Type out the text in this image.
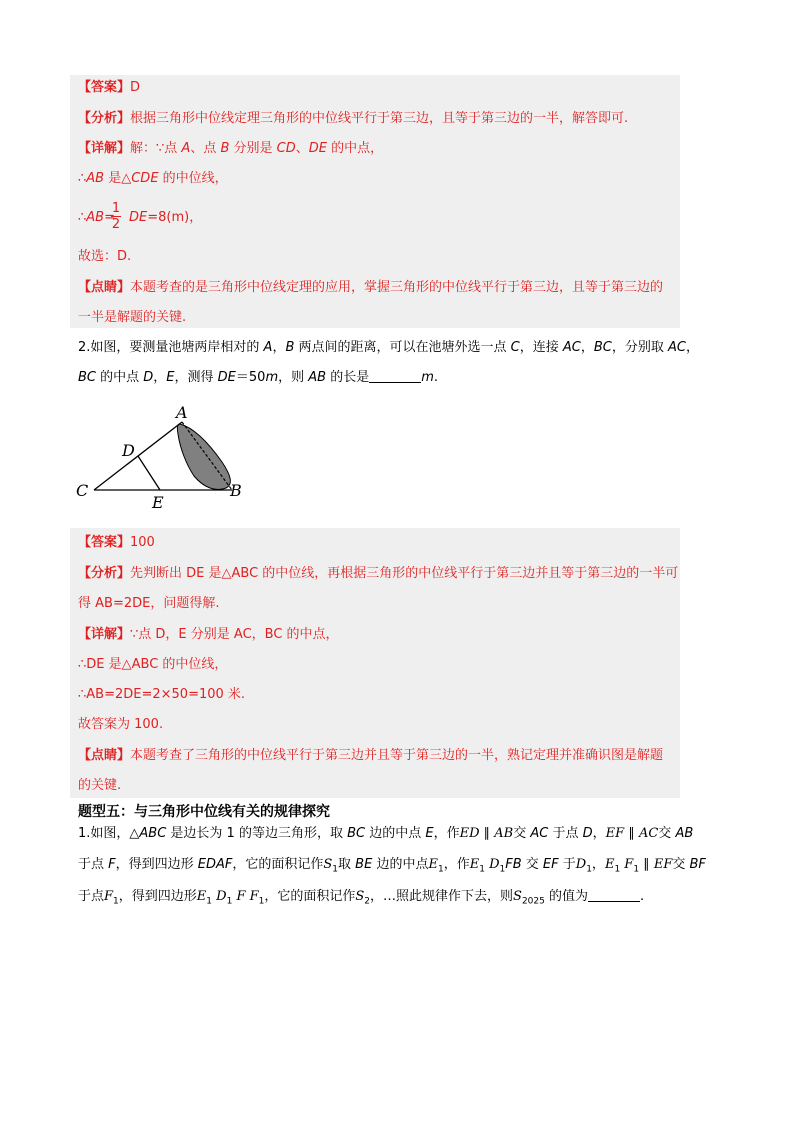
【答案】D
【分析】根据三角形中位线定理三角形的中位线平行于第三边，且等于第三边的一半，解答即可.
【详解】解：∵点 A、点 B 分别是 CD、DE 的中点，
∴AB 是△CDE 的中位线，
∴AB= DE=8(m)，
1
2
故选：D.
【点睛】本题考查的是三角形中位线定理的应用，掌握三角形的中位线平行于第三边，且等于第三边的
一半是解题的关键.
2.如图，要测量池塘两岸相对的 A，B 两点间的距离，可以在池塘外选一点 C，连接 AC，BC，分别取 AC，
BC 的中点 D，E，测得 DE＝50m，则 AB 的长是	m.
A
B
C
D
E
【答案】100
【分析】先判断出 DE 是△ABC 的中位线，再根据三角形的中位线平行于第三边并且等于第三边的一半可
得 AB=2DE，问题得解.
【详解】∵点 D，E 分别是 AC，BC 的中点，
∴DE 是△ABC 的中位线，
∴AB=2DE=2×50=100 米.
故答案为 100.
【点睛】本题考查了三角形的中位线平行于第三边并且等于第三边的一半，熟记定理并准确识图是解题
的关键.
题型五：与三角形中位线有关的规律探究
1.如图，△ABC 是边长为 1 的等边三角形，取 BC 边的中点 E，作ED ∥ AB交 AC 于点 D，EF ∥ AC交 AB
于点 F，得到四边形 EDAF，它的面积记作$S_1$取 BE 边的中点$E_1$，作$E_1$ $D_1FB$ 交 EF 于$D_1$，$E_1$ $F_1$ ∥ EF交 BF
于点$F_1$，得到四边形$E_1$ $D_1$ F $F_1$，它的面积记作$S_2$，…照此规律作下去，则$S_{2025}$ 的值为	.
